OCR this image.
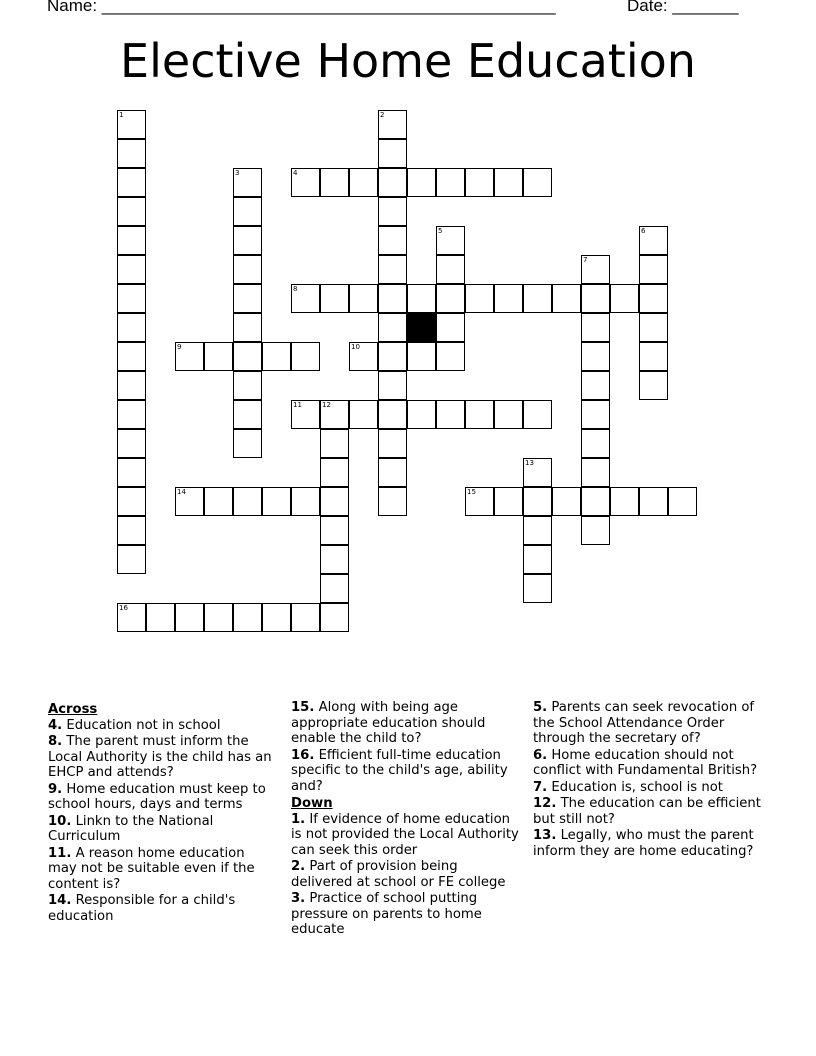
Name: ________________________________________________	Date: _______
Elective Home Education
1	2
3	4
5	6
7
8
9	10
11	12
13
14	15
16
Across
4. Education not in school
8. The parent must inform the Local Authority is the child has an EHCP and attends?
9. Home education must keep to school hours, days and terms
10. Linkn to the National Curriculum
11. A reason home education may not be suitable even if the content is?
14. Responsible for a child's education
15. Along with being age appropriate education should enable the child to?
16. Efficient full-time education specific to the child's age, ability and?
Down
1. If evidence of home education is not provided the Local Authority can seek this order
2. Part of provision being delivered at school or FE college
3. Practice of school putting pressure on parents to home educate
5. Parents can seek revocation of the School Attendance Order through the secretary of?
6. Home education should not conflict with Fundamental British?
7. Education is, school is not
12. The education can be efficient but still not?
13. Legally, who must the parent inform they are home educating?
